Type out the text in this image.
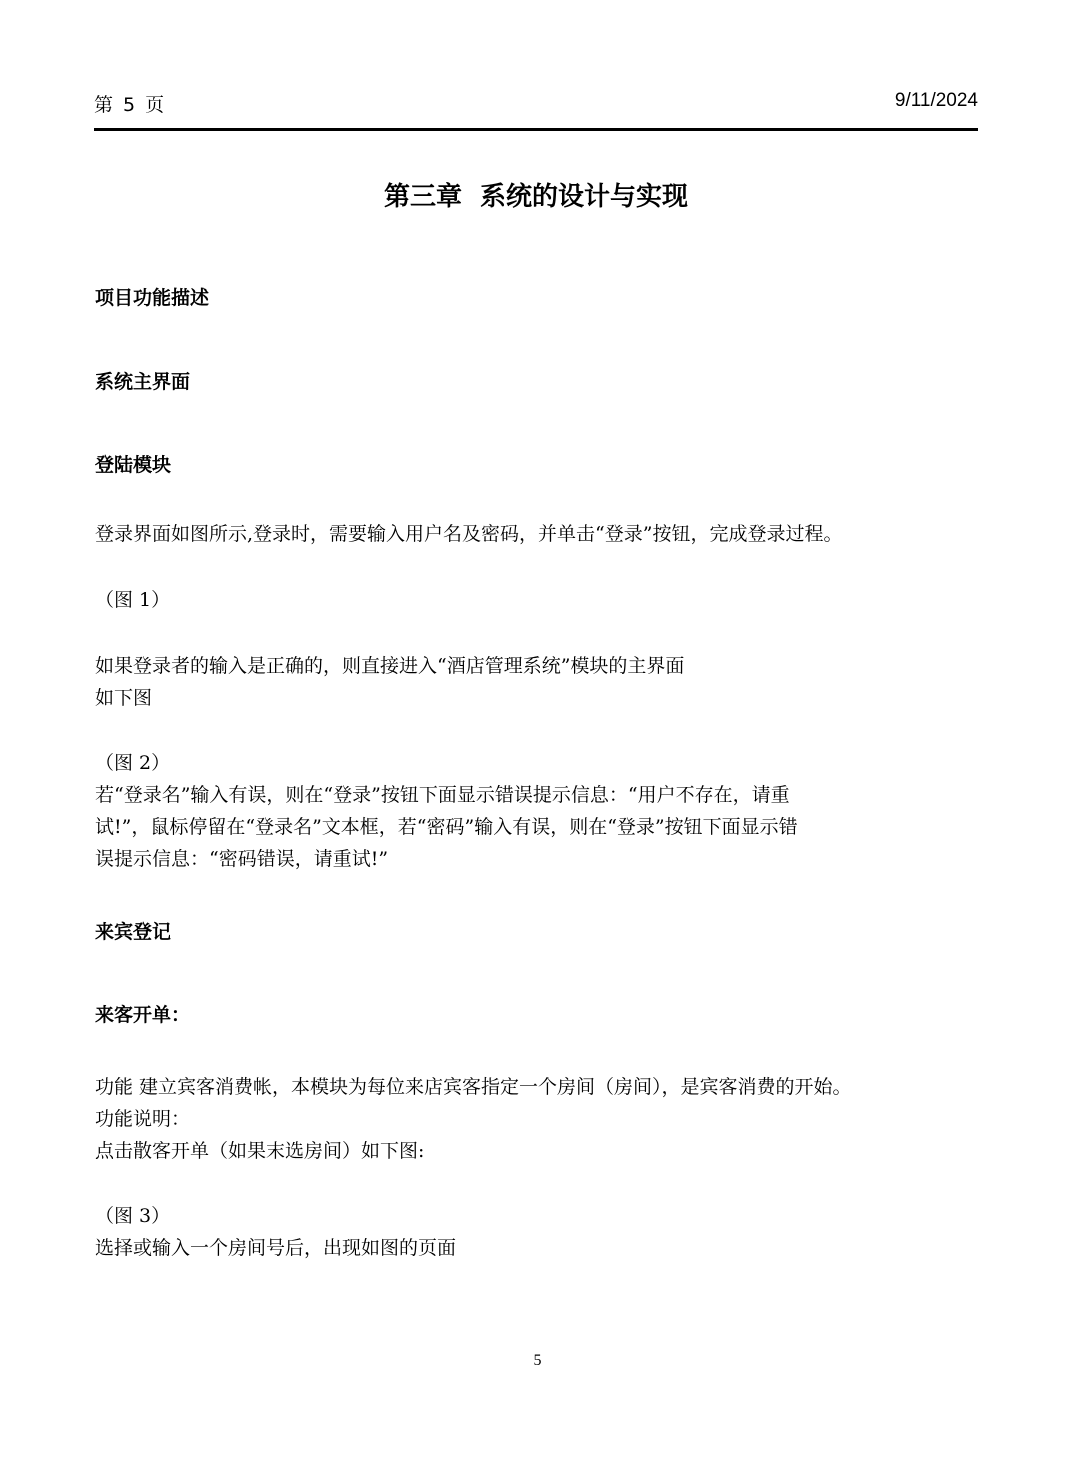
第 5 页	9/11/2024
第三章  系统的设计与实现
项目功能描述
系统主界面
登陆模块
登录界面如图所示,登录时，需要输入用户名及密码，并单击“登录”按钮，完成登录过程。
（图 1）
如果登录者的输入是正确的，则直接进入“酒店管理系统”模块的主界面
如下图
（图 2）
若“登录名”输入有误，则在“登录”按钮下面显示错误提示信息：“用户不存在，请重
试!”，鼠标停留在“登录名”文本框，若“密码”输入有误，则在“登录”按钮下面显示错
误提示信息：“密码错误，请重试!”
来宾登记
来客开单：
功能 建立宾客消费帐，本模块为每位来店宾客指定一个房间（房间），是宾客消费的开始。
功能说明：
点击散客开单（如果末选房间）如下图:
（图 3）
选择或输入一个房间号后，出现如图的页面
5
